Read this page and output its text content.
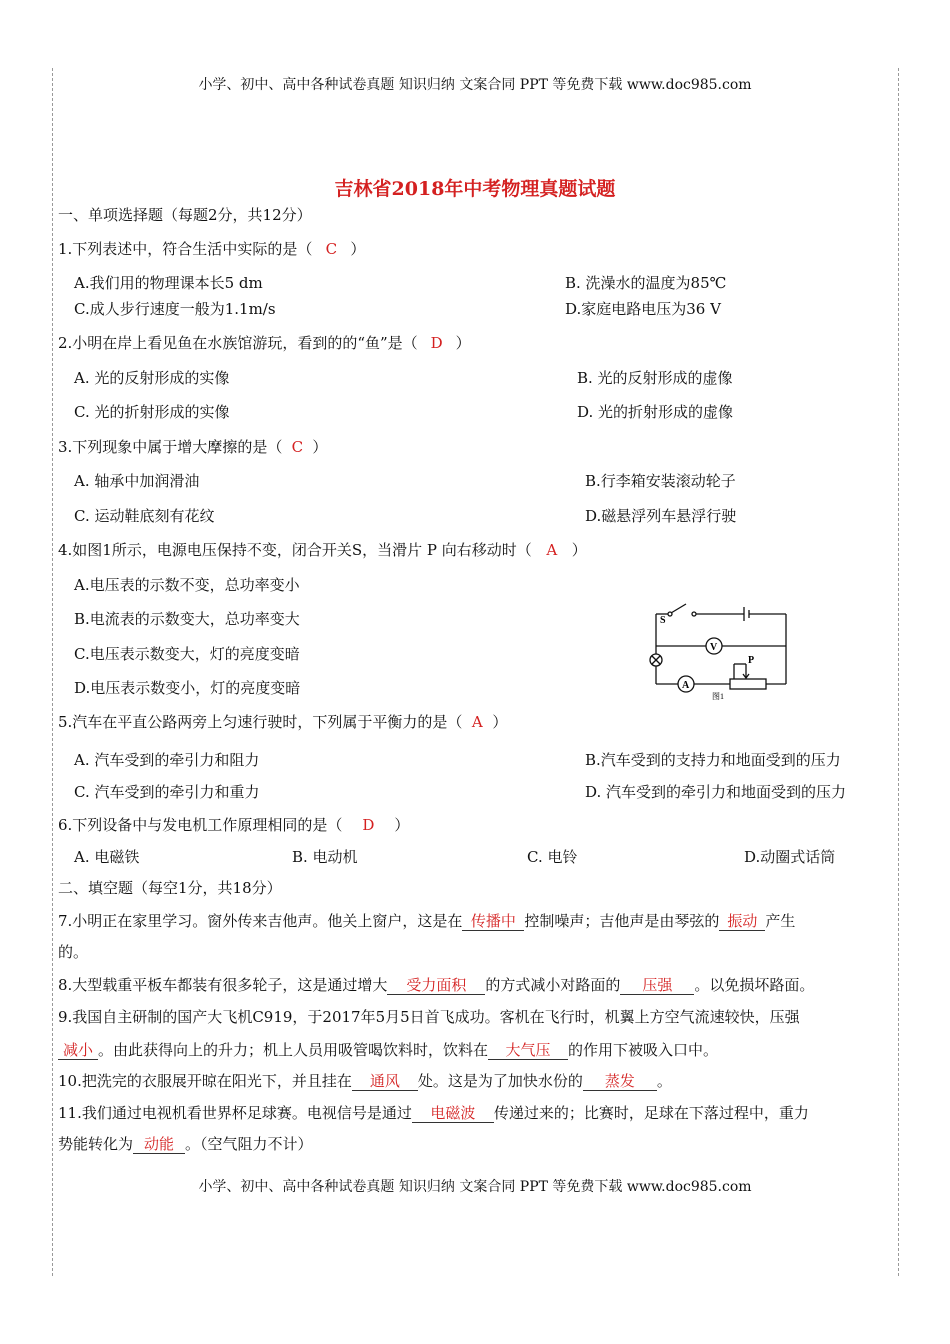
小学、初中、高中各种试卷真题 知识归纳 文案合同 PPT 等免费下载 www.doc985.com
吉林省2018年中考物理真题试题
一、单项选择题（每题2分，共12分）
1.下列表述中，符合生活中实际的是（ C ）
A.我们用的物理课本长5 dm	B. 洗澡水的温度为85℃
C.成人步行速度一般为1.1m/s	D.家庭电路电压为36 V
2.小明在岸上看见鱼在水族馆游玩，看到的的“鱼”是（ D ）
A. 光的反射形成的实像	B. 光的反射形成的虚像
C. 光的折射形成的实像	D. 光的折射形成的虚像
3.下列现象中属于增大摩擦的是（ C ）
A. 轴承中加润滑油	B.行李箱安装滚动轮子
C. 运动鞋底刻有花纹	D.磁悬浮列车悬浮行驶
4.如图1所示，电源电压保持不变，闭合开关S，当滑片 P 向右移动时（ A ）
A.电压表的示数不变，总功率变小
B.电流表的示数变大，总功率变大
C.电压表示数变大，灯的亮度变暗
D.电压表示数变小，灯的亮度变暗
S
V
A
P
图1
5.汽车在平直公路两旁上匀速行驶时，下列属于平衡力的是（ A ）
A. 汽车受到的牵引力和阻力	B.汽车受到的支持力和地面受到的压力
C. 汽车受到的牵引力和重力	D. 汽车受到的牵引力和地面受到的压力
6.下列设备中与发电机工作原理相同的是（ D ）
A. 电磁铁	B. 电动机	C. 电铃	D.动圈式话筒
二、填空题（每空1分，共18分）
7.小明正在家里学习。窗外传来吉他声。他关上窗户，这是在 传播中 控制噪声；吉他声是由琴弦的 振动 产生
的。
8.大型载重平板车都装有很多轮子，这是通过增大 受力面积 的方式减小对路面的 压强 。以免损坏路面。
9.我国自主研制的国产大飞机C919，于2017年5月5日首飞成功。客机在飞行时，机翼上方空气流速较快，压强
减小 。由此获得向上的升力；机上人员用吸管喝饮料时，饮料在 大气压 的作用下被吸入口中。
10.把洗完的衣服展开晾在阳光下，并且挂在 通风 处。这是为了加快水份的 蒸发 。
11.我们通过电视机看世界杯足球赛。电视信号是通过 电磁波 传递过来的；比赛时，足球在下落过程中，重力
势能转化为 动能 。（空气阻力不计）
小学、初中、高中各种试卷真题 知识归纳 文案合同 PPT 等免费下载 www.doc985.com
